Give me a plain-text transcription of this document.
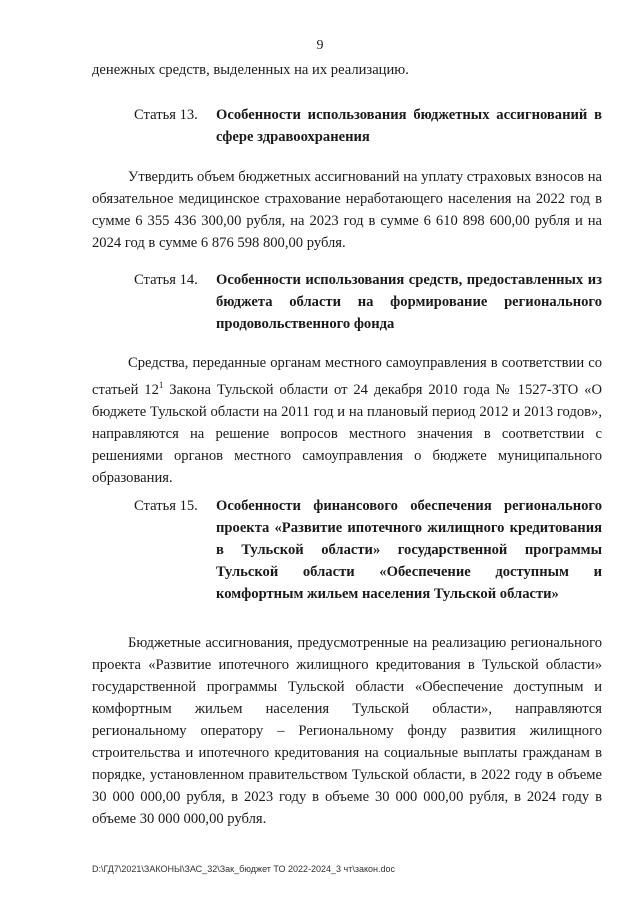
9
денежных средств, выделенных на их реализацию.
Статья 13. Особенности использования бюджетных ассигнований в сфере здравоохранения

Утвердить объем бюджетных ассигнований на уплату страховых взносов на обязательное медицинское страхование неработающего населения на 2022 год в сумме 6 355 436 300,00 рубля, на 2023 год в сумме 6 610 898 600,00 рубля и на 2024 год в сумме 6 876 598 800,00 рубля.

Статья 14. Особенности использования средств, предоставленных из бюджета области на формирование регионального продовольственного фонда

Средства, переданные органам местного самоуправления в соответствии со статьей $12^1$ Закона Тульской области от 24 декабря 2010 года № 1527-ЗТО «О бюджете Тульской области на 2011 год и на плановый период 2012 и 2013 годов», направляются на решение вопросов местного значения в соответствии с решениями органов местного самоуправления о бюджете муниципального образования.

Статья 15. Особенности финансового обеспечения регионального проекта «Развитие ипотечного жилищного кредитования в Тульской области» государственной программы Тульской области «Обеспечение доступным и комфортным жильем населения Тульской области»

Бюджетные ассигнования, предусмотренные на реализацию регионального проекта «Развитие ипотечного жилищного кредитования в Тульской области» государственной программы Тульской области «Обеспечение доступным и комфортным жильем населения Тульской области», направляются региональному оператору – Региональному фонду развития жилищного строительства и ипотечного кредитования на социальные выплаты гражданам в порядке, установленном правительством Тульской области, в 2022 году в объеме 30 000 000,00 рубля, в 2023 году в объеме 30 000 000,00 рубля, в 2024 году в объеме 30 000 000,00 рубля.

D:\ГД7\2021\ЗАКОНЫ\ЗАС_32\Зак_бюджет ТО 2022-2024_3 чт\закон.doc
